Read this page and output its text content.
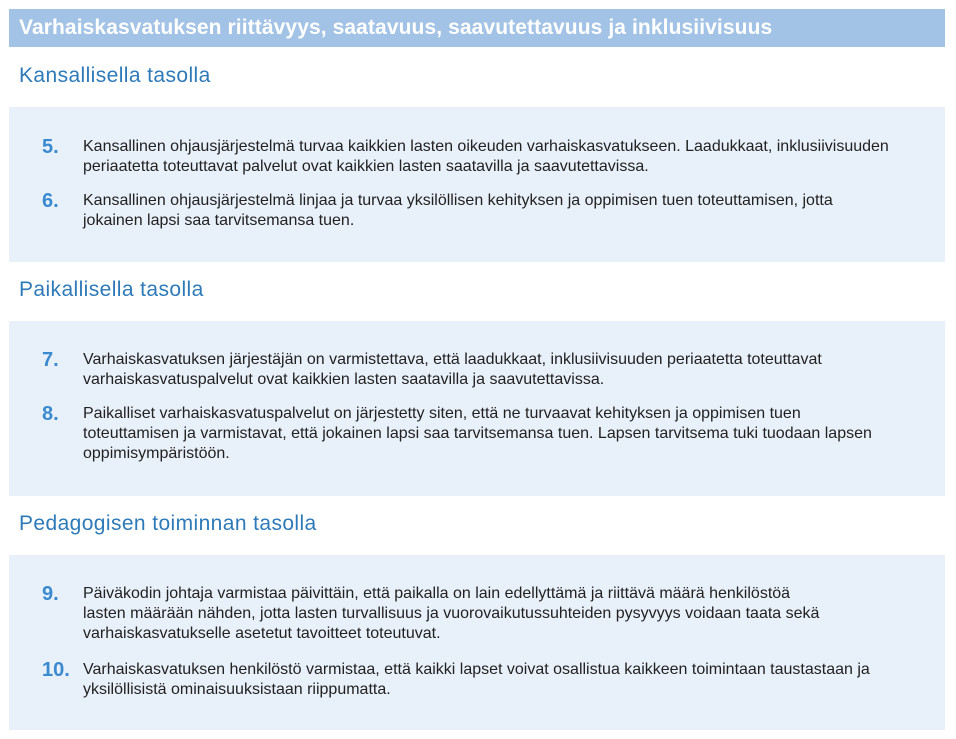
Varhaiskasvatuksen riittävyys, saatavuus, saavutettavuus ja inklusiivisuus
Kansallisella tasolla
5.	Kansallinen ohjausjärjestelmä turvaa kaikkien lasten oikeuden varhaiskasvatukseen. Laadukkaat, inklusiivisuuden
periaatetta toteuttavat palvelut ovat kaikkien lasten saatavilla ja saavutettavissa.
6.	Kansallinen ohjausjärjestelmä linjaa ja turvaa yksilöllisen kehityksen ja oppimisen tuen toteuttamisen, jotta
jokainen lapsi saa tarvitsemansa tuen.
Paikallisella tasolla
7.	Varhaiskasvatuksen järjestäjän on varmistettava, että laadukkaat, inklusiivisuuden periaatetta toteuttavat
varhaiskasvatuspalvelut ovat kaikkien lasten saatavilla ja saavutettavissa.
8.	Paikalliset varhaiskasvatuspalvelut on järjestetty siten, että ne turvaavat kehityksen ja oppimisen tuen
toteuttamisen ja varmistavat, että jokainen lapsi saa tarvitsemansa tuen. Lapsen tarvitsema tuki tuodaan lapsen
oppimisympäristöön.
Pedagogisen toiminnan tasolla
9.	Päiväkodin johtaja varmistaa päivittäin, että paikalla on lain edellyttämä ja riittävä määrä henkilöstöä
lasten määrään nähden, jotta lasten turvallisuus ja vuorovaikutussuhteiden pysyvyys voidaan taata sekä
varhaiskasvatukselle asetetut tavoitteet toteutuvat.
10. Varhaiskasvatuksen henkilöstö varmistaa, että kaikki lapset voivat osallistua kaikkeen toimintaan taustastaan ja
yksilöllisistä ominaisuuksistaan riippumatta.
